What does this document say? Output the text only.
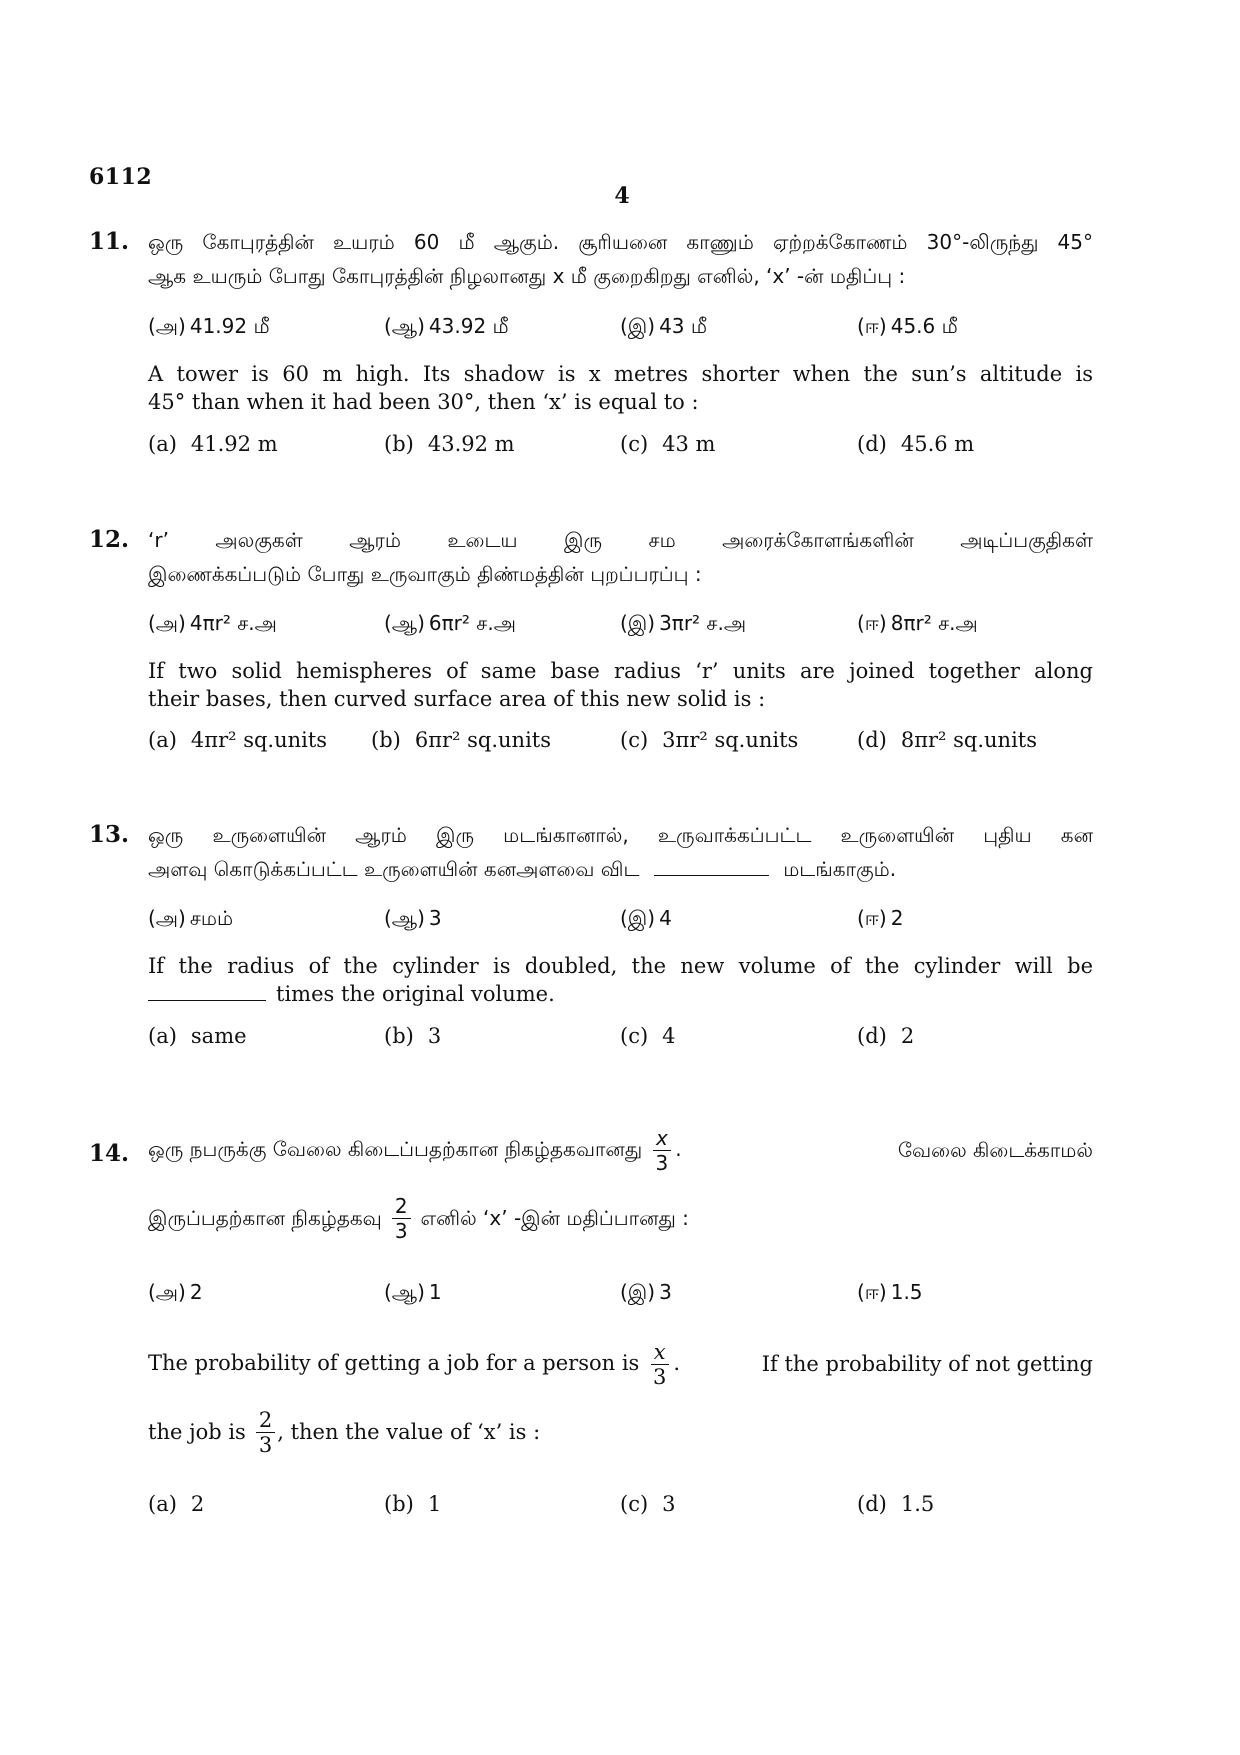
6112
4
11. ஒரு கோபுரத்தின் உயரம் 60 மீ ஆகும். சூரியனை காணும் ஏற்றக்கோணம் 30°-லிருந்து 45°
ஆக உயரும் போது கோபுரத்தின் நிழலானது x மீ குறைகிறது எனில், ‘x’ -ன் மதிப்பு :
(அ) 41.92 மீ	(ஆ) 43.92 மீ	(இ) 43 மீ	(ஈ) 45.6 மீ
A tower is 60 m high. Its shadow is x metres shorter when the sun’s altitude is
45° than when it had been 30°, then ‘x’ is equal to :
(a) 41.92 m	(b) 43.92 m	(c) 43 m	(d) 45.6 m
12. ‘r’ அலகுகள் ஆரம் உடைய இரு சம அரைக்கோளங்களின் அடிப்பகுதிகள்
இணைக்கப்படும் போது உருவாகும் திண்மத்தின் புறப்பரப்பு :
(அ) 4πr² ச.அ	(ஆ) 6πr² ச.அ	(இ) 3πr² ச.அ	(ஈ) 8πr² ச.அ
If two solid hemispheres of same base radius ‘r’ units are joined together along
their bases, then curved surface area of this new solid is :
(a) 4πr² sq.units (b) 6πr² sq.units	(c) 3πr² sq.units	(d) 8πr² sq.units
13. ஒரு உருளையின் ஆரம் இரு மடங்கானால், உருவாக்கப்பட்ட உருளையின் புதிய கன
அளவு கொடுக்கப்பட்ட உருளையின் கனஅளவை விட	மடங்காகும்.
(அ) சமம்	(ஆ) 3	(இ) 4	(ஈ) 2
If the radius of the cylinder is doubled, the new volume of the cylinder will be
times the original volume.
(a) same	(b) 3	(c) 4	(d) 2
14. ஒரு நபருக்கு வேலை கிடைப்பதற்கான நிகழ்தகவானது $\frac{x}{3}$ .	வேலை கிடைக்காமல்
இருப்பதற்கான நிகழ்தகவு $\frac{2}{3}$ எனில் ‘x’ -இன் மதிப்பானது :
(அ) 2	(ஆ) 1	(இ) 3	(ஈ) 1.5
The probability of getting a job for a person is $\frac{x}{3}$ .	If the probability of not getting
the job is $\frac{2}{3}$ , then the value of ‘x’ is :
(a) 2	(b) 1	(c) 3	(d) 1.5
